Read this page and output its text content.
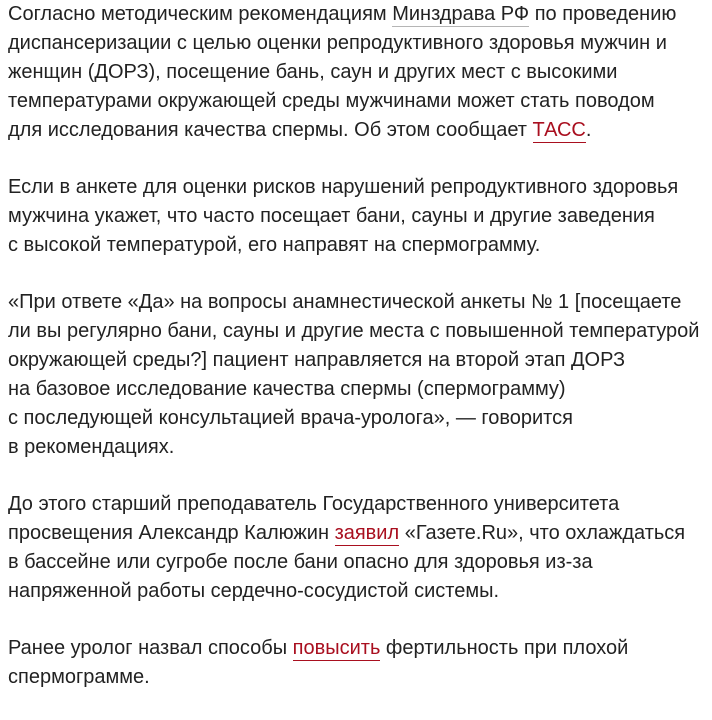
Согласно методическим рекомендациям Минздрава РФ по проведению
диспансеризации с целью оценки репродуктивного здоровья мужчин и
женщин (ДОРЗ), посещение бань, саун и других мест с высокими
температурами окружающей среды мужчинами может стать поводом
для исследования качества спермы. Об этом сообщает ТАСС.

Если в анкете для оценки рисков нарушений репродуктивного здоровья
мужчина укажет, что часто посещает бани, сауны и другие заведения
с высокой температурой, его направят на спермограмму.

«При ответе «Да» на вопросы анамнестической анкеты № 1 [посещаете
ли вы регулярно бани, сауны и другие места с повышенной температурой
окружающей среды?] пациент направляется на второй этап ДОРЗ
на базовое исследование качества спермы (спермограмму)
с последующей консультацией врача-уролога», — говорится
в рекомендациях.

До этого старший преподаватель Государственного университета
просвещения Александр Калюжин заявил «Газете.Ru», что охлаждаться
в бассейне или сугробе после бани опасно для здоровья из-за
напряженной работы сердечно-сосудистой системы.

Ранее уролог назвал способы повысить фертильность при плохой
спермограмме.
